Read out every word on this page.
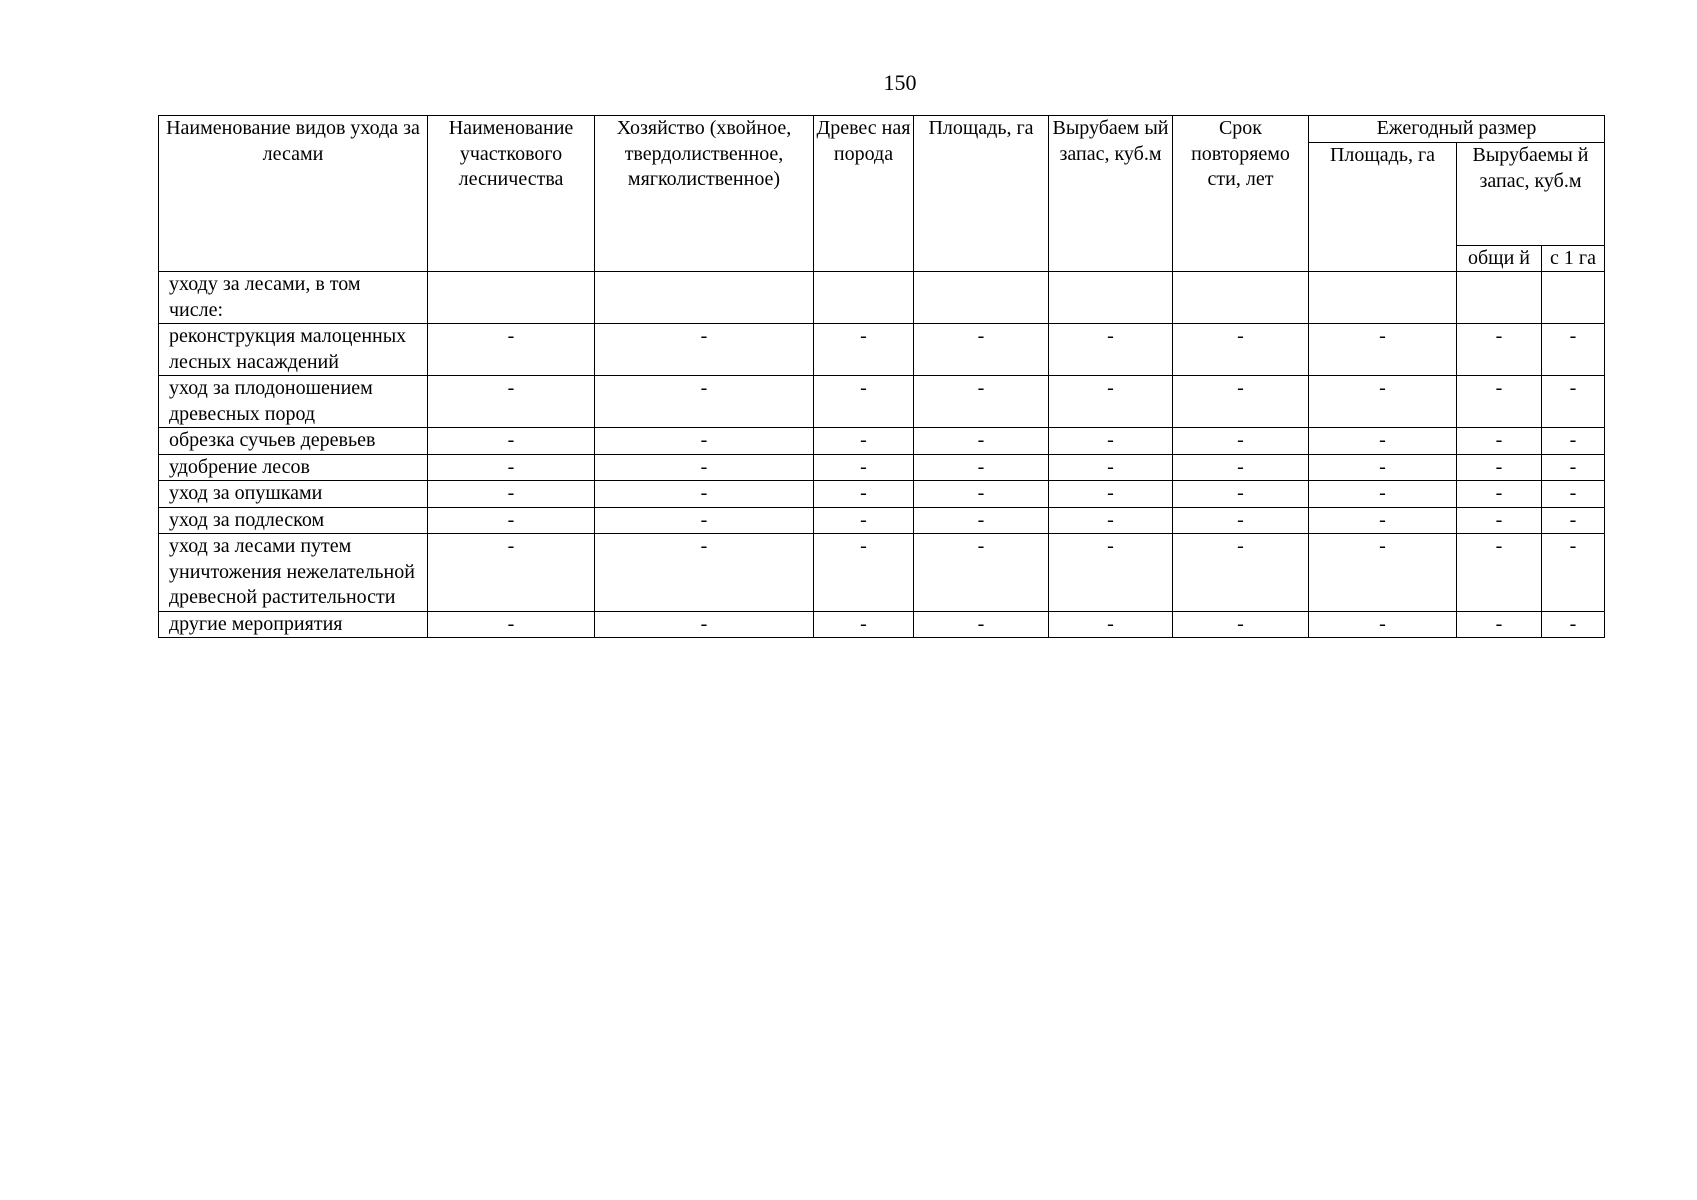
150
Наименование видов ухода за лесами	Наименование участкового лесничества	Хозяйство (хвойное, твердолиственное, мягколиственное)	Древес ная порода	Площадь, га	Вырубаем ый запас, куб.м	Срок повторяемо сти, лет	Ежегодный размер		
							Площадь, га	Вырубаемы й запас, куб.м	
								общи й	с 1 га
уходу за лесами, в том числе:									
реконструкция малоценных лесных насаждений	-	-	-	-	-	-	-	-	-
уход за плодоношением древесных пород	-	-	-	-	-	-	-	-	-
обрезка сучьев деревьев	-	-	-	-	-	-	-	-	-
удобрение лесов	-	-	-	-	-	-	-	-	-
уход за опушками	-	-	-	-	-	-	-	-	-
уход за подлеском	-	-	-	-	-	-	-	-	-
уход за лесами путем уничтожения нежелательной древесной растительности	-	-	-	-	-	-	-	-	-
другие мероприятия	-	-	-	-	-	-	-	-	-
